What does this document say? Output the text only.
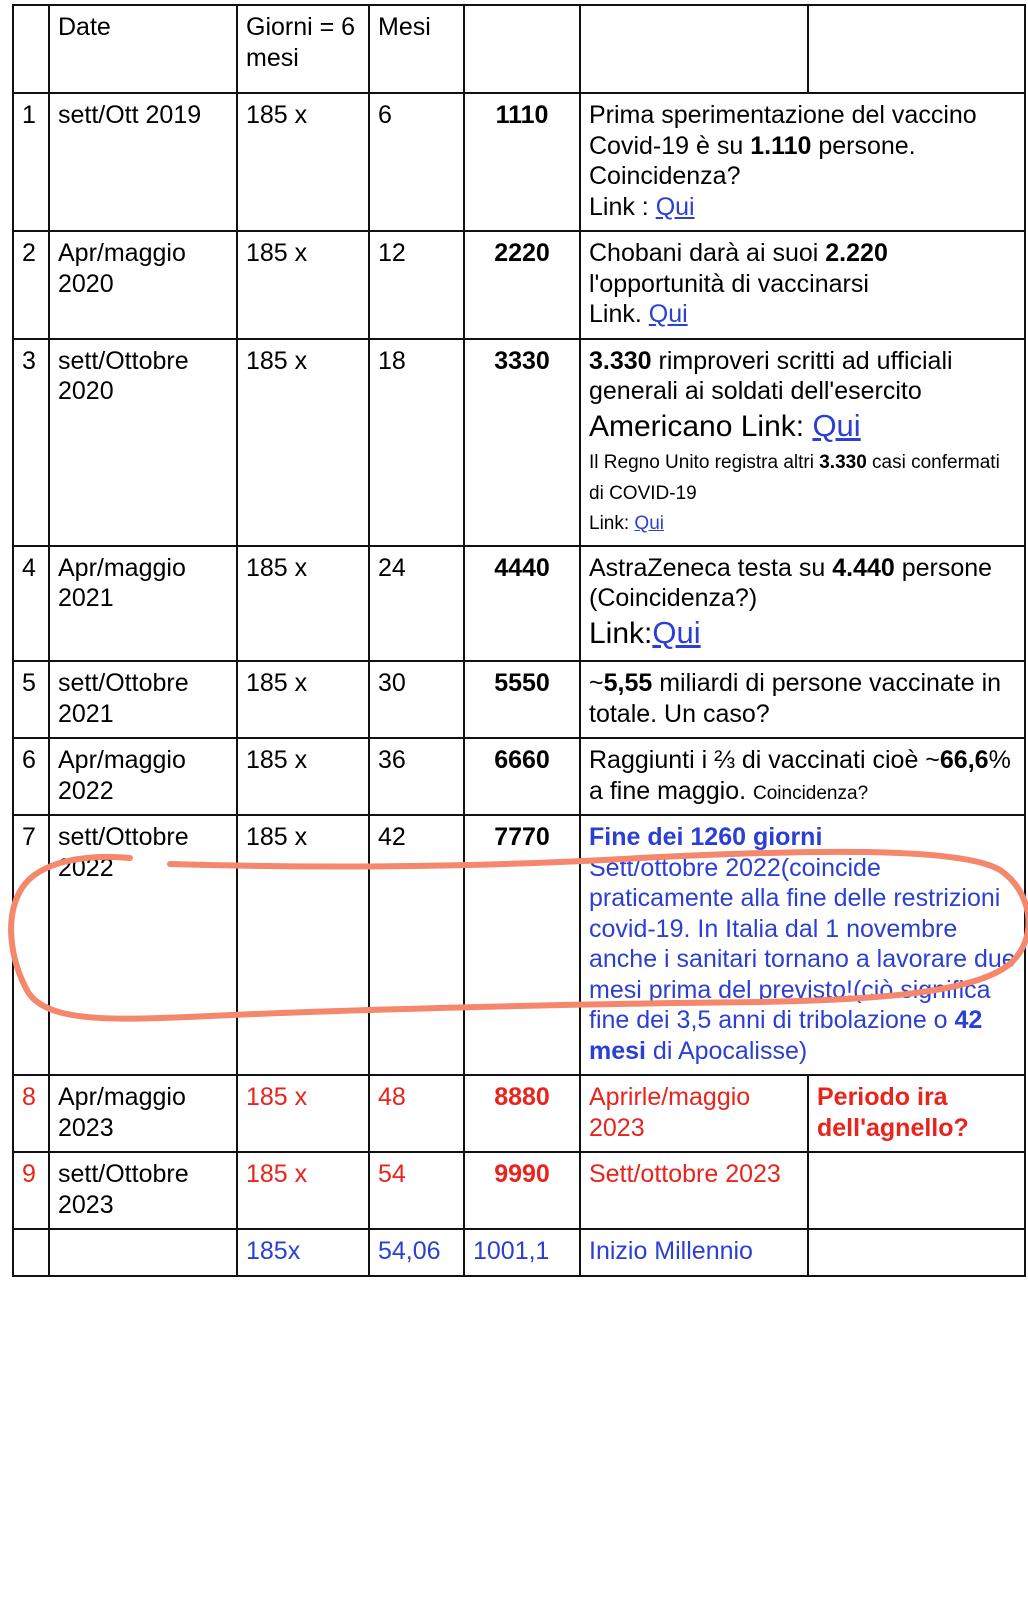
	Date	Giorni = 6 mesi	Mesi			
1	sett/Ott 2019	185 x	6	1110	Prima sperimentazione del vaccino Covid-19 è su 1.110 persone. Coincidenza?
Link : Qui	
2	Apr/maggio 2020	185 x	12	2220	Chobani darà ai suoi 2.220 l'opportunità di vaccinarsi
Link. Qui	
3	sett/Ottobre 2020	185 x	18	3330	3.330 rimproveri scritti ad ufficiali generali ai soldati dell'esercito
Americano Link: Qui
Il Regno Unito registra altri 3.330 casi confermati di COVID-19
Link: Qui	
4	Apr/maggio 2021	185 x	24	4440	AstraZeneca testa su 4.440 persone (Coincidenza?)
Link:Qui	
5	sett/Ottobre 2021	185 x	30	5550	~5,55 miliardi di persone vaccinate in totale. Un caso?	
6	Apr/maggio 2022	185 x	36	6660	Raggiunti i ⅔ di vaccinati cioè ~66,6% a fine maggio. Coincidenza?	
7	sett/Ottobre 2022	185 x	42	7770	Fine dei 1260 giorni
Sett/ottobre 2022(coincide praticamente alla fine delle restrizioni covid-19. In Italia dal 1 novembre anche i sanitari tornano a lavorare due mesi prima del previsto!(ciò significa fine dei 3,5 anni di tribolazione o 42 mesi di Apocalisse)	
8	Apr/maggio 2023	185 x	48	8880	Aprirle/maggio 2023	Periodo ira dell'agnello?
9	sett/Ottobre 2023	185 x	54	9990	Sett/ottobre 2023	
		185x	54,06	1001,1	Inizio Millennio	
